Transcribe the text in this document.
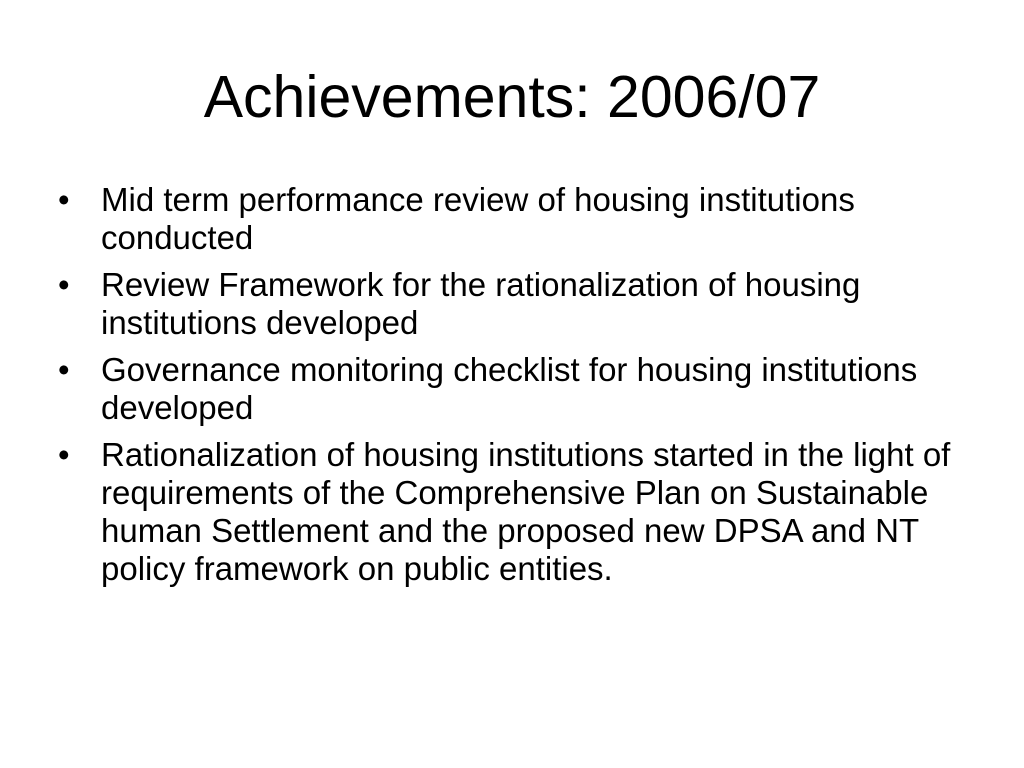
Achievements: 2006/07
• Mid term performance review of housing institutions conducted
• Review Framework for the rationalization of housing institutions developed
• Governance monitoring checklist for housing institutions developed
• Rationalization of housing institutions started in the light of requirements of the Comprehensive Plan on Sustainable human Settlement and the proposed new DPSA and NT policy framework on public entities.
